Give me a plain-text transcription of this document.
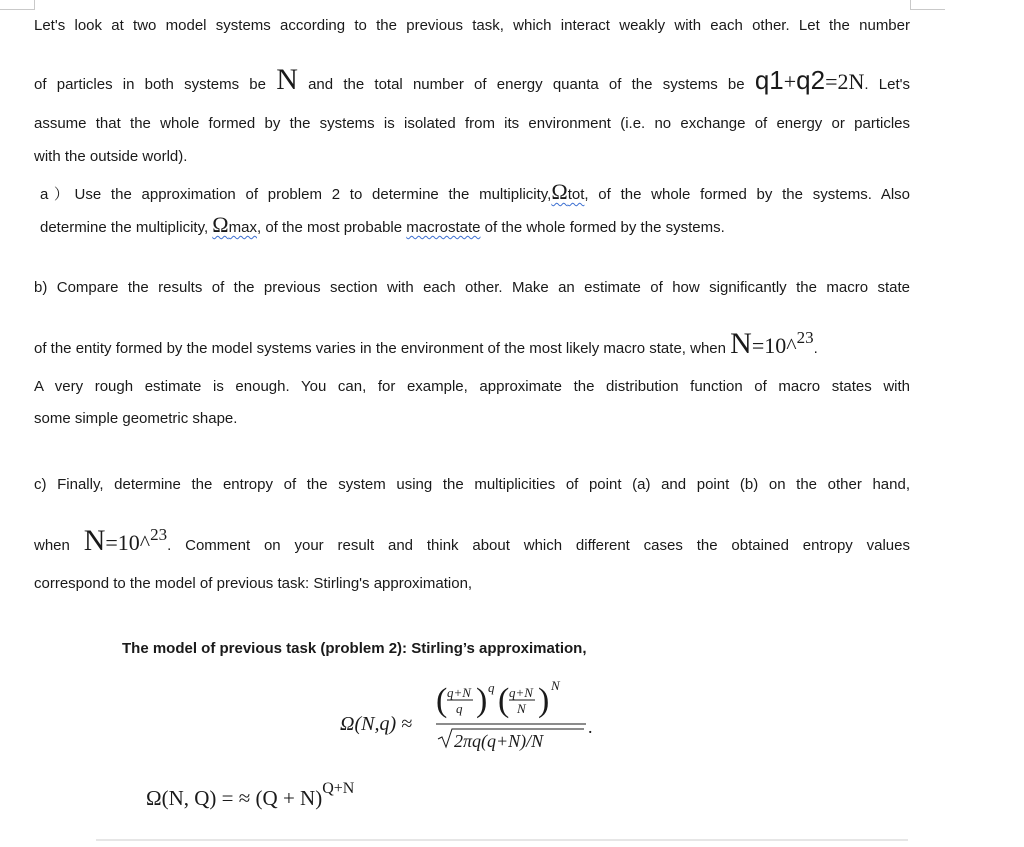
Let's look at two model systems according to the previous task, which interact weakly with each other. Let the number
of particles in both systems be N and the total number of energy quanta of the systems be q1+q2=2N. Let's
assume that the whole formed by the systems is isolated from its environment (i.e. no exchange of energy or particles
with the outside world).
a）Use the approximation of problem 2 to determine the multiplicity,Ωtot, of the whole formed by the systems. Also
determine the multiplicity, Ωmax, of the most probable macrostate of the whole formed by the systems.
b) Compare the results of the previous section with each other. Make an estimate of how significantly the macro state
of the entity formed by the model systems varies in the environment of the most likely macro state, when N=10^23.
A very rough estimate is enough. You can, for example, approximate the distribution function of macro states with
some simple geometric shape.
c) Finally, determine the entropy of the system using the multiplicities of point (a) and point (b) on the other hand,
when N=10^23. Comment on your result and think about which different cases the obtained entropy values
correspond to the model of previous task: Stirling's approximation,
The model of previous task (problem 2): Stirling’s approximation,
Ω(N,q) ≈
( q+N
q ) q ( q+N
N ) N
2πq(q+N)/N
.
Ω(N, Q) = ≈ $(Q + N)^{Q+N}$
